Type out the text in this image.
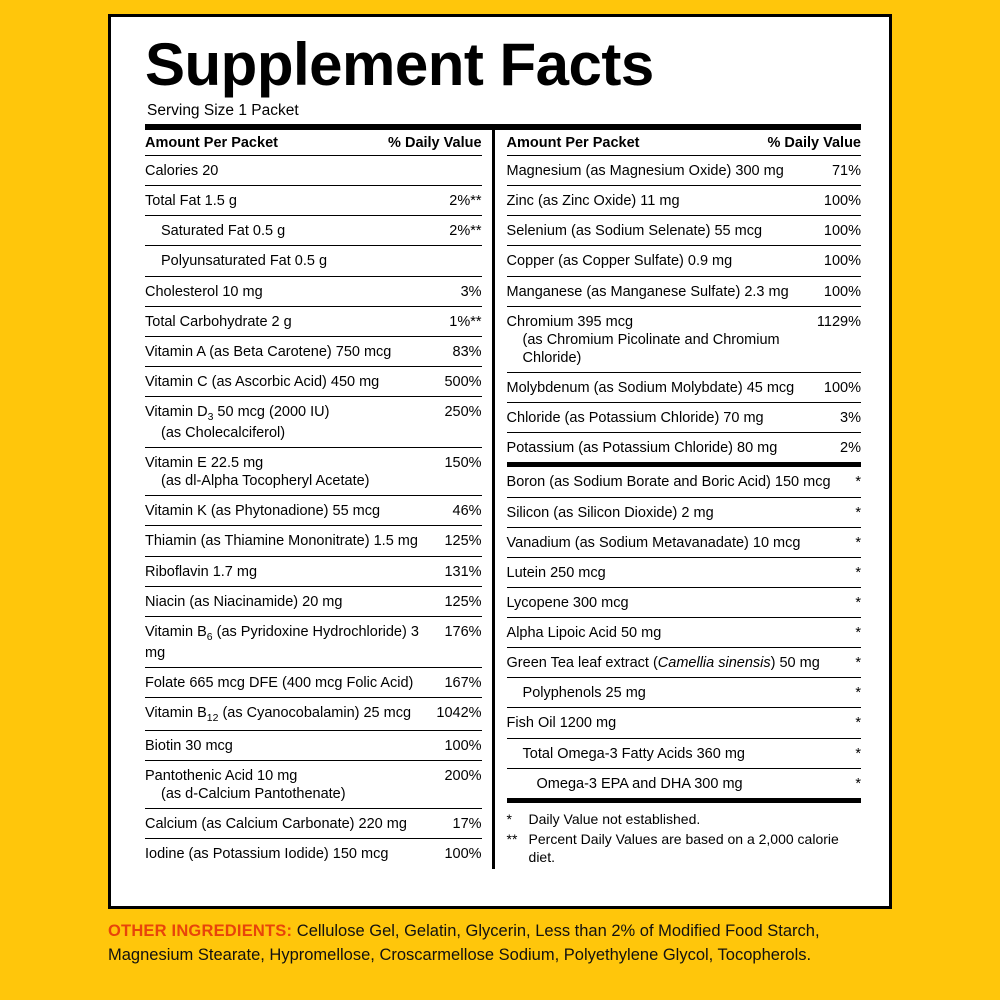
Supplement Facts
Serving Size 1 Packet
Amount Per Packet	% Daily Value
Calories 20
Total Fat 1.5 g	2%**
Saturated Fat 0.5 g	2%**
Polyunsaturated Fat 0.5 g
Cholesterol 10 mg	3%
Total Carbohydrate 2 g	1%**
Vitamin A (as Beta Carotene) 750 mcg	83%
Vitamin C (as Ascorbic Acid) 450 mg	500%
Vitamin $D_3$ 50 mcg (2000 IU)
(as Cholecalciferol)
250%
Vitamin E 22.5 mg
(as dl-Alpha Tocopheryl Acetate)
150%
Vitamin K (as Phytonadione) 55 mcg	46%
Thiamin (as Thiamine Mononitrate) 1.5 mg	125%
Riboflavin 1.7 mg	131%
Niacin (as Niacinamide) 20 mg	125%
Vitamin $B_6$ (as Pyridoxine Hydrochloride) 3 mg
176%
Folate 665 mcg DFE (400 mcg Folic Acid)	167%
Vitamin $B_{12}$ (as Cyanocobalamin) 25 mcg	1042%
Biotin 30 mcg	100%
Pantothenic Acid 10 mg
(as d-Calcium Pantothenate)
200%
Calcium (as Calcium Carbonate) 220 mg	17%
Iodine (as Potassium Iodide) 150 mcg	100%
Amount Per Packet	% Daily Value
Magnesium (as Magnesium Oxide) 300 mg	71%
Zinc (as Zinc Oxide) 11 mg	100%
Selenium (as Sodium Selenate) 55 mcg	100%
Copper (as Copper Sulfate) 0.9 mg	100%
Manganese (as Manganese Sulfate) 2.3 mg	100%
Chromium 395 mcg
(as Chromium Picolinate and Chromium Chloride)
1129%
Molybdenum (as Sodium Molybdate) 45 mcg	100%
Chloride (as Potassium Chloride) 70 mg	3%
Potassium (as Potassium Chloride) 80 mg	2%
Boron (as Sodium Borate and Boric Acid) 150 mcg	*
Silicon (as Silicon Dioxide) 2 mg	*
Vanadium (as Sodium Metavanadate) 10 mcg	*
Lutein 250 mcg	*
Lycopene 300 mcg	*
Alpha Lipoic Acid 50 mg	*
Green Tea leaf extract (Camellia sinensis) 50 mg	*
Polyphenols 25 mg	*
Fish Oil 1200 mg	*
Total Omega-3 Fatty Acids 360 mg	*
Omega-3 EPA and DHA 300 mg	*
*	Daily Value not established.
** Percent Daily Values are based on a 2,000 calorie diet.
OTHER INGREDIENTS: Cellulose Gel, Gelatin, Glycerin, Less than 2% of Modified Food Starch, Magnesium Stearate, Hypromellose, Croscarmellose Sodium, Polyethylene Glycol, Tocopherols.
